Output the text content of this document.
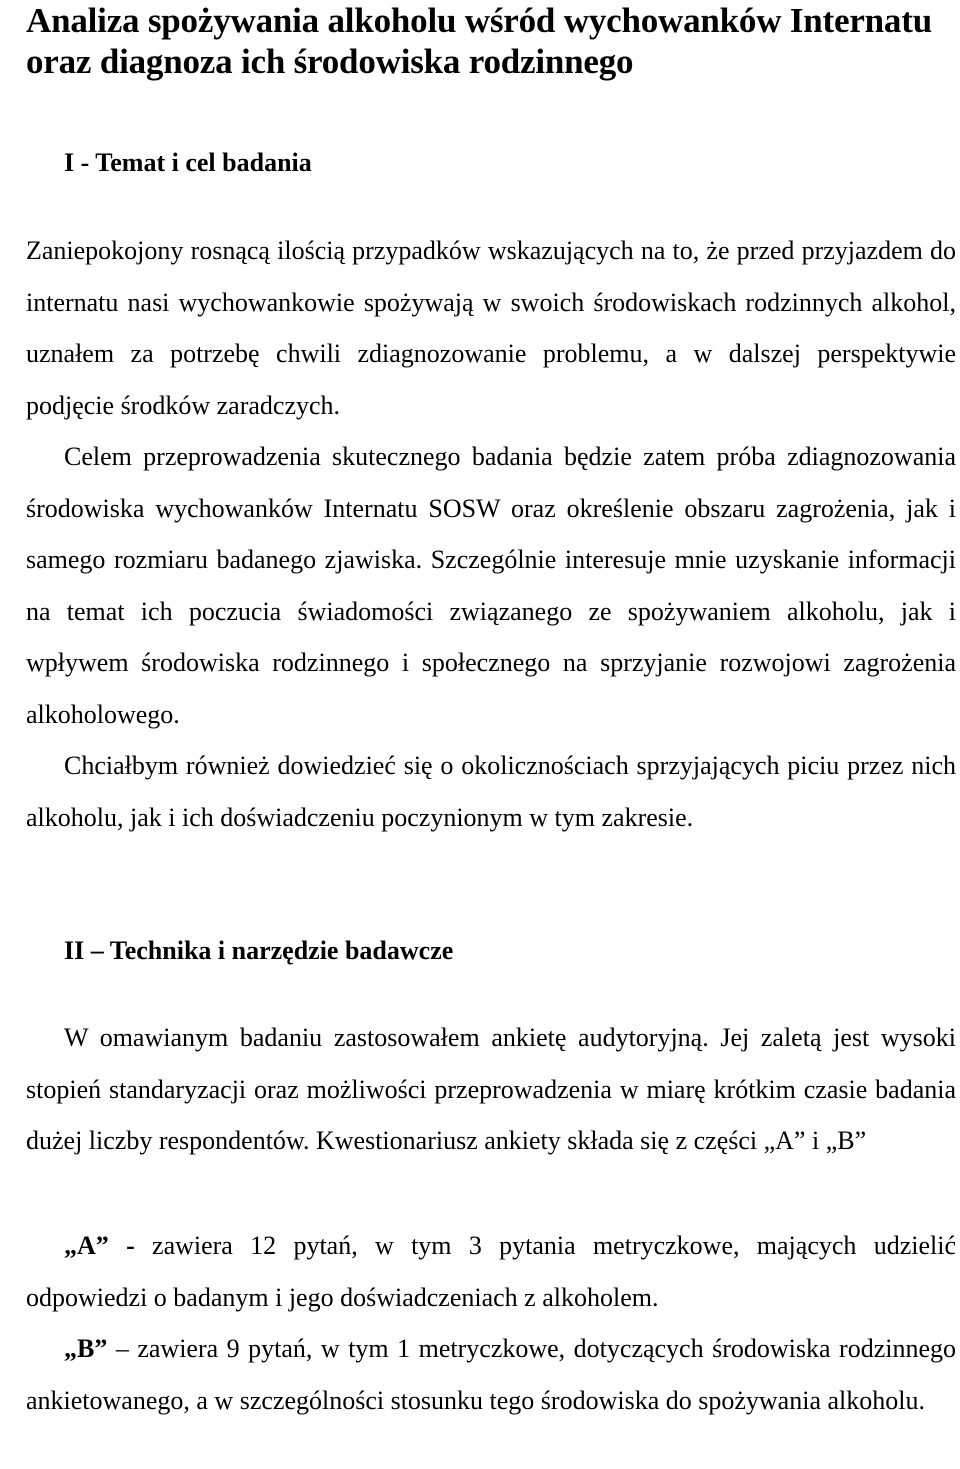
Analiza spożywania alkoholu wśród wychowanków Internatu oraz diagnoza ich środowiska rodzinnego
I - Temat i cel badania
Zaniepokojony rosnącą ilością przypadków wskazujących na to, że przed przyjazdem do internatu nasi wychowankowie spożywają w swoich środowiskach rodzinnych alkohol, uznałem za potrzebę chwili zdiagnozowanie problemu, a w dalszej perspektywie podjęcie środków zaradczych.
Celem przeprowadzenia skutecznego badania będzie zatem próba zdiagnozowania środowiska wychowanków Internatu SOSW oraz określenie obszaru zagrożenia, jak i samego rozmiaru badanego zjawiska. Szczególnie interesuje mnie uzyskanie informacji na temat ich poczucia świadomości związanego ze spożywaniem alkoholu, jak i wpływem środowiska rodzinnego i społecznego na sprzyjanie rozwojowi zagrożenia alkoholowego.
Chciałbym również dowiedzieć się o okolicznościach sprzyjających piciu przez nich alkoholu, jak i ich doświadczeniu poczynionym w tym zakresie.
II – Technika i narzędzie badawcze
W omawianym badaniu zastosowałem ankietę audytoryjną. Jej zaletą jest wysoki stopień standaryzacji oraz możliwości przeprowadzenia w miarę krótkim czasie badania dużej liczby respondentów. Kwestionariusz ankiety składa się z części „A” i „B”
„A” - zawiera 12 pytań, w tym 3 pytania metryczkowe, mających udzielić odpowiedzi o badanym i jego doświadczeniach z alkoholem.
„B” – zawiera 9 pytań, w tym 1 metryczkowe, dotyczących środowiska rodzinnego ankietowanego, a w szczególności stosunku tego środowiska do spożywania alkoholu.
